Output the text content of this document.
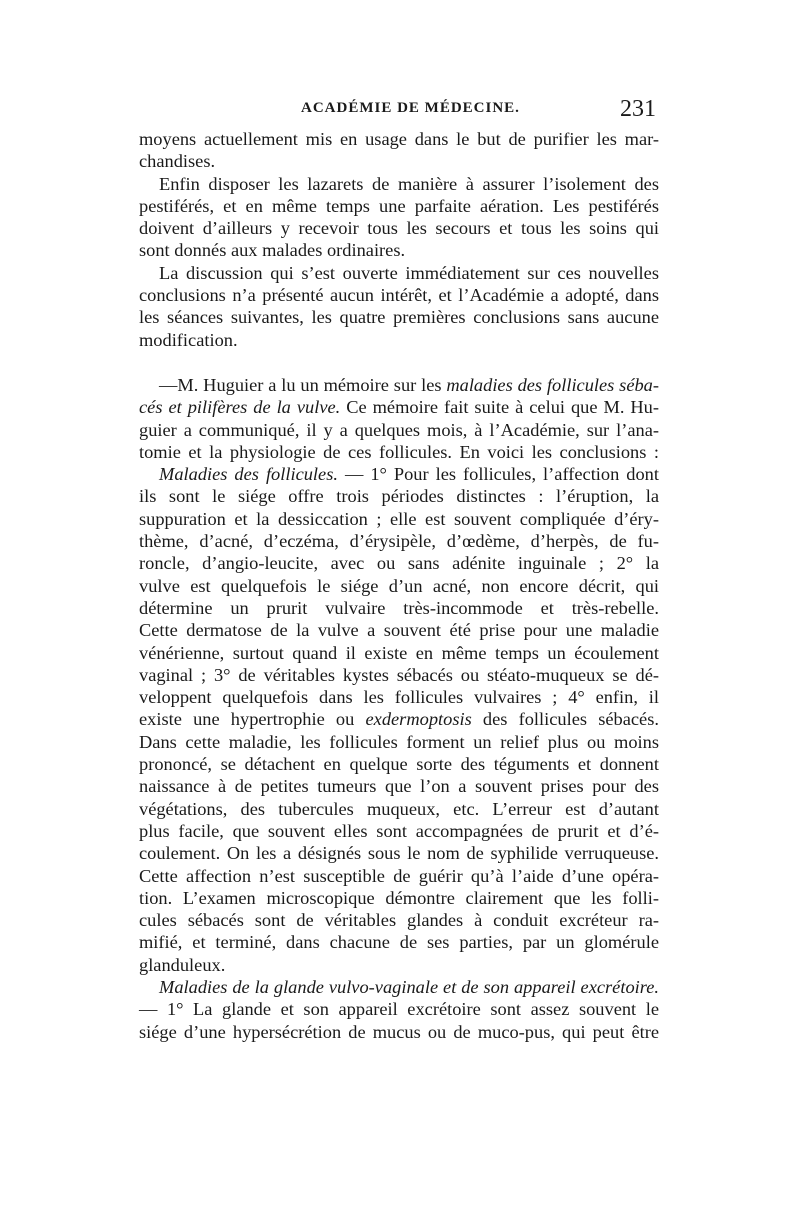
ACADÉMIE DE MÉDECINE.	231
moyens actuellement mis en usage dans le but de purifier les mar-
chandises.
Enfin disposer les lazarets de manière à assurer l’isolement des
pestiférés, et en même temps une parfaite aération. Les pestiférés
doivent d’ailleurs y recevoir tous les secours et tous les soins qui
sont donnés aux malades ordinaires.
La discussion qui s’est ouverte immédiatement sur ces nouvelles
conclusions n’a présenté aucun intérêt, et l’Académie a adopté, dans
les séances suivantes, les quatre premières conclusions sans aucune
modification.
—M. Huguier a lu un mémoire sur les maladies des follicules séba-
cés et pilifères de la vulve. Ce mémoire fait suite à celui que M. Hu-
guier a communiqué, il y a quelques mois, à l’Académie, sur l’ana-
tomie et la physiologie de ces follicules. En voici les conclusions :
Maladies des follicules. — 1° Pour les follicules, l’affection dont
ils sont le siége offre trois périodes distinctes : l’éruption, la
suppuration et la dessiccation ; elle est souvent compliquée d’éry-
thème, d’acné, d’eczéma, d’érysipèle, d’œdème, d’herpès, de fu-
roncle, d’angio-leucite, avec ou sans adénite inguinale ; 2° la
vulve est quelquefois le siége d’un acné, non encore décrit, qui
détermine un prurit vulvaire très-incommode et très-rebelle.
Cette dermatose de la vulve a souvent été prise pour une maladie
vénérienne, surtout quand il existe en même temps un écoulement
vaginal ; 3° de véritables kystes sébacés ou stéato-muqueux se dé-
veloppent quelquefois dans les follicules vulvaires ; 4° enfin, il
existe une hypertrophie ou exdermoptosis des follicules sébacés.
Dans cette maladie, les follicules forment un relief plus ou moins
prononcé, se détachent en quelque sorte des téguments et donnent
naissance à de petites tumeurs que l’on a souvent prises pour des
végétations, des tubercules muqueux, etc. L’erreur est d’autant
plus facile, que souvent elles sont accompagnées de prurit et d’é-
coulement. On les a désignés sous le nom de syphilide verruqueuse.
Cette affection n’est susceptible de guérir qu’à l’aide d’une opéra-
tion. L’examen microscopique démontre clairement que les folli-
cules sébacés sont de véritables glandes à conduit excréteur ra-
mifié, et terminé, dans chacune de ses parties, par un glomérule
glanduleux.
Maladies de la glande vulvo-vaginale et de son appareil excrétoire.
— 1° La glande et son appareil excrétoire sont assez souvent le
siége d’une hypersécrétion de mucus ou de muco-pus, qui peut être
